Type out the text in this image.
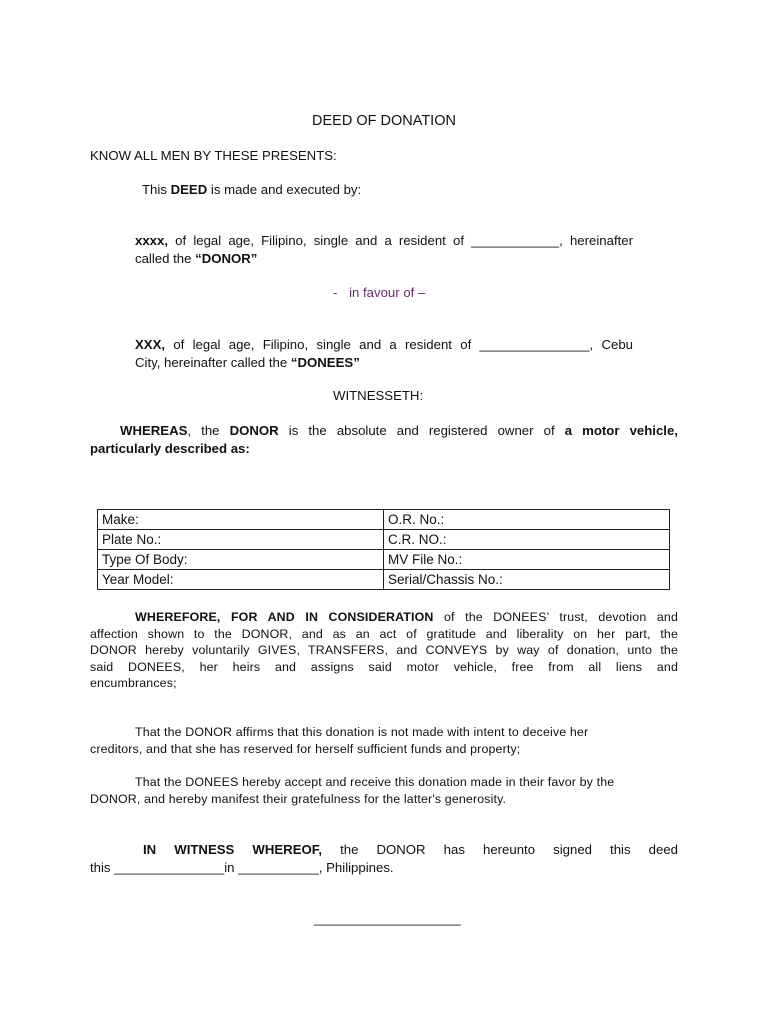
DEED OF DONATION
KNOW ALL MEN BY THESE PRESENTS:
This DEED is made and executed by:
xxxx, of legal age, Filipino, single and a resident of ____________, hereinafter
called the “DONOR”
- in favour of –
XXX, of legal age, Filipino, single and a resident of _______________, Cebu
City, hereinafter called the “DONEES”
WITNESSETH:
WHEREAS, the DONOR is the absolute and registered owner of a motor vehicle,
particularly described as:
Make:	O.R. No.:
Plate No.:	C.R. NO.:
Type Of Body:	MV File No.:
Year Model:	Serial/Chassis No.:
WHEREFORE, FOR AND IN CONSIDERATION of the DONEES’ trust, devotion and
affection shown to the DONOR, and as an act of gratitude and liberality on her part, the
DONOR hereby voluntarily GIVES, TRANSFERS, and CONVEYS by way of donation, unto the
said DONEES, her heirs and assigns said motor vehicle, free from all liens and
encumbrances;
That the DONOR affirms that this donation is not made with intent to deceive her
creditors, and that she has reserved for herself sufficient funds and property;
That the DONEES hereby accept and receive this donation made in their favor by the
DONOR, and hereby manifest their gratefulness for the latter's generosity.
IN WITNESS WHEREOF, the DONOR has hereunto signed this deed
this _______________in ___________, Philippines.
____________________
